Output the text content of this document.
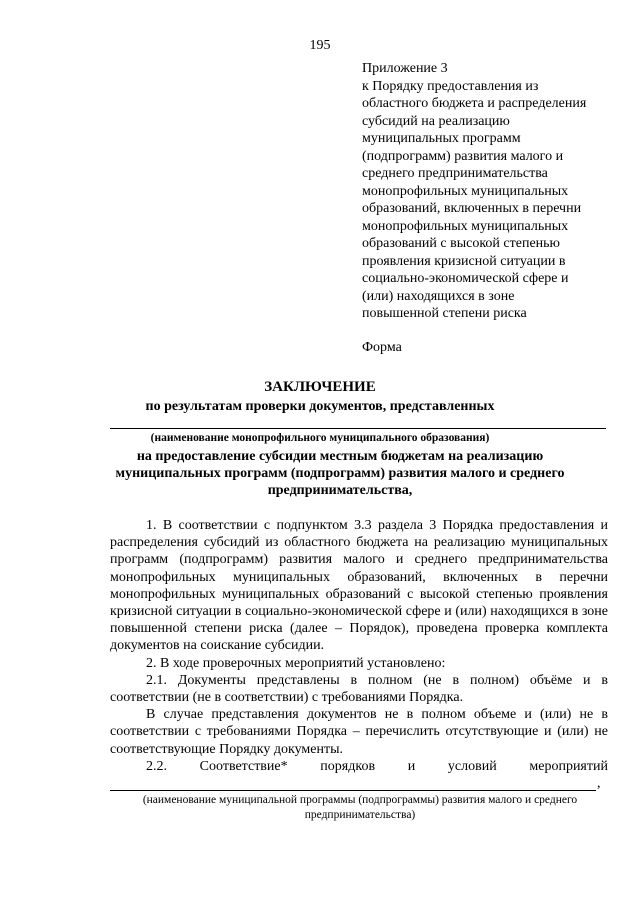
195
Приложение 3
к Порядку предоставления из
областного бюджета и распределения
субсидий на реализацию
муниципальных программ
(подпрограмм) развития малого и
среднего предпринимательства
монопрофильных муниципальных
образований, включенных в перечни
монопрофильных муниципальных
образований с высокой степенью
проявления кризисной ситуации в
социально-экономической сфере и
(или) находящихся в зоне
повышенной степени риска
Форма
ЗАКЛЮЧЕНИЕ
по результатам проверки документов, представленных
(наименование монопрофильного муниципального образования)
на предоставление субсидии местным бюджетам на реализацию
муниципальных программ (подпрограмм) развития малого и среднего
предпринимательства,

1. В соответствии с подпунктом 3.3 раздела 3 Порядка предоставления и распределения субсидий из областного бюджета на реализацию муниципальных программ (подпрограмм) развития малого и среднего предпринимательства монопрофильных муниципальных образований, включенных в перечни монопрофильных муниципальных образований с высокой степенью проявления кризисной ситуации в социально-экономической сфере и (или) находящихся в зоне повышенной степени риска (далее – Порядок), проведена проверка комплекта документов на соискание субсидии.

2. В ходе проверочных мероприятий установлено:

2.1. Документы представлены в полном (не в полном) объёме и в соответствии (не в соответствии) с требованиями Порядка.

В случае представления документов не в полном объеме и (или) не в соответствии с требованиями Порядка – перечислить отсутствующие и (или) не соответствующие Порядку документы.

2.2. Соответствие* порядков и условий мероприятий
,
(наименование муниципальной программы (подпрограммы) развития малого и среднего предпринимательства)
